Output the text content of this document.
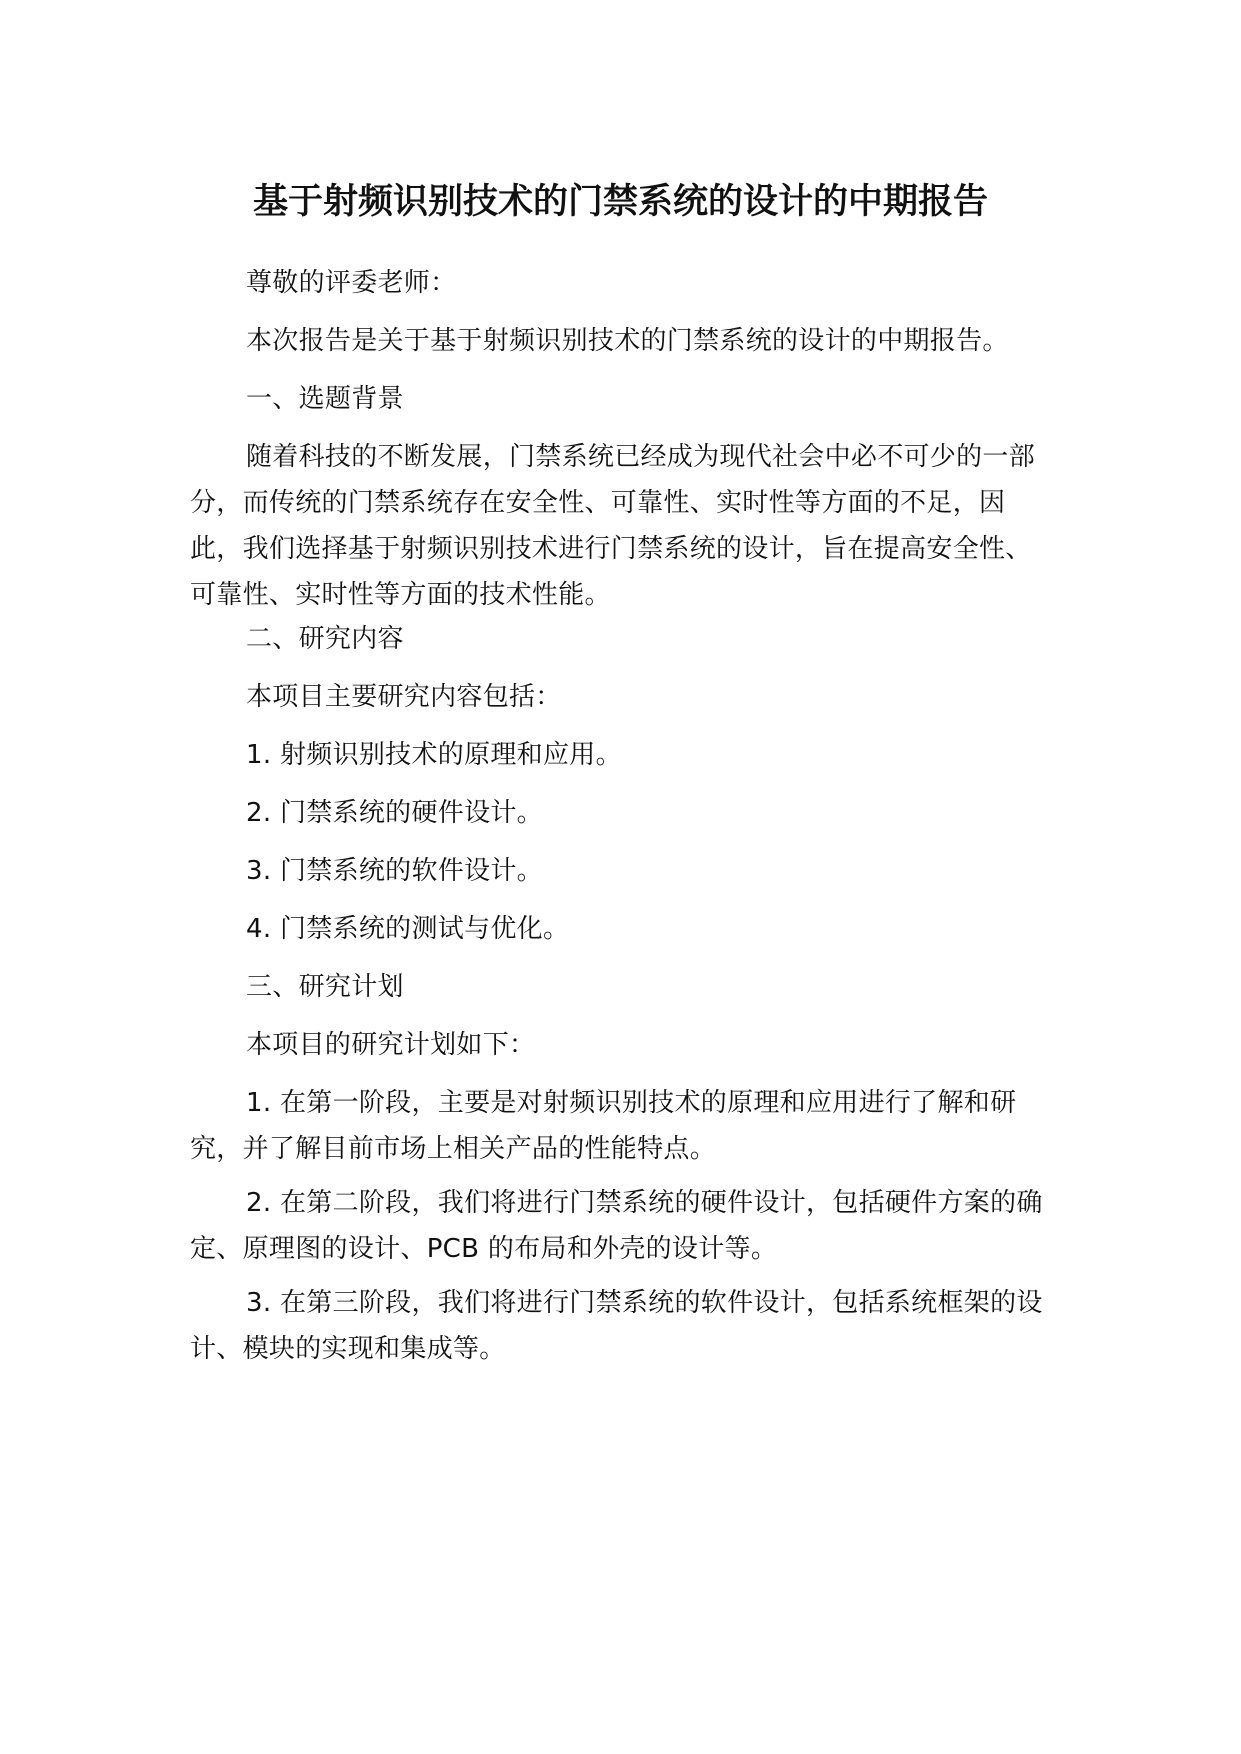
基于射频识别技术的门禁系统的设计的中期报告

尊敬的评委老师：

本次报告是关于基于射频识别技术的门禁系统的设计的中期报告。

一、选题背景

随着科技的不断发展，门禁系统已经成为现代社会中必不可少的一部分，而传统的门禁系统存在安全性、可靠性、实时性等方面的不足，因此，我们选择基于射频识别技术进行门禁系统的设计，旨在提高安全性、可靠性、实时性等方面的技术性能。

二、研究内容

本项目主要研究内容包括：

1. 射频识别技术的原理和应用。

2. 门禁系统的硬件设计。

3. 门禁系统的软件设计。

4. 门禁系统的测试与优化。

三、研究计划

本项目的研究计划如下：

1. 在第一阶段，主要是对射频识别技术的原理和应用进行了解和研究，并了解目前市场上相关产品的性能特点。

2. 在第二阶段，我们将进行门禁系统的硬件设计，包括硬件方案的确定、原理图的设计、PCB 的布局和外壳的设计等。

3. 在第三阶段，我们将进行门禁系统的软件设计，包括系统框架的设计、模块的实现和集成等。
